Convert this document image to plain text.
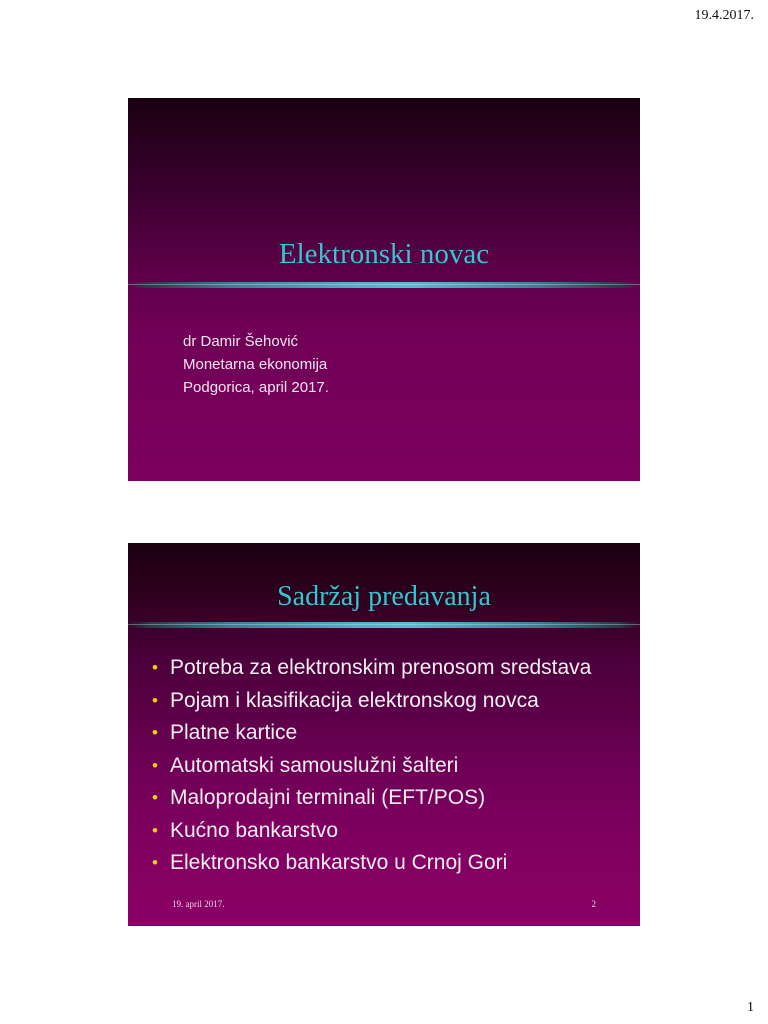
19.4.2017.
Elektronski novac
dr Damir Šehović
Monetarna ekonomija
Podgorica, april 2017.
Sadržaj predavanja
• Potreba za elektronskim prenosom sredstava
• Pojam i klasifikacija elektronskog novca
• Platne kartice
• Automatski samouslužni šalteri
• Maloprodajni terminali (EFT/POS)
• Kućno bankarstvo
• Elektronsko bankarstvo u Crnoj Gori
19. april 2017.	2
1
